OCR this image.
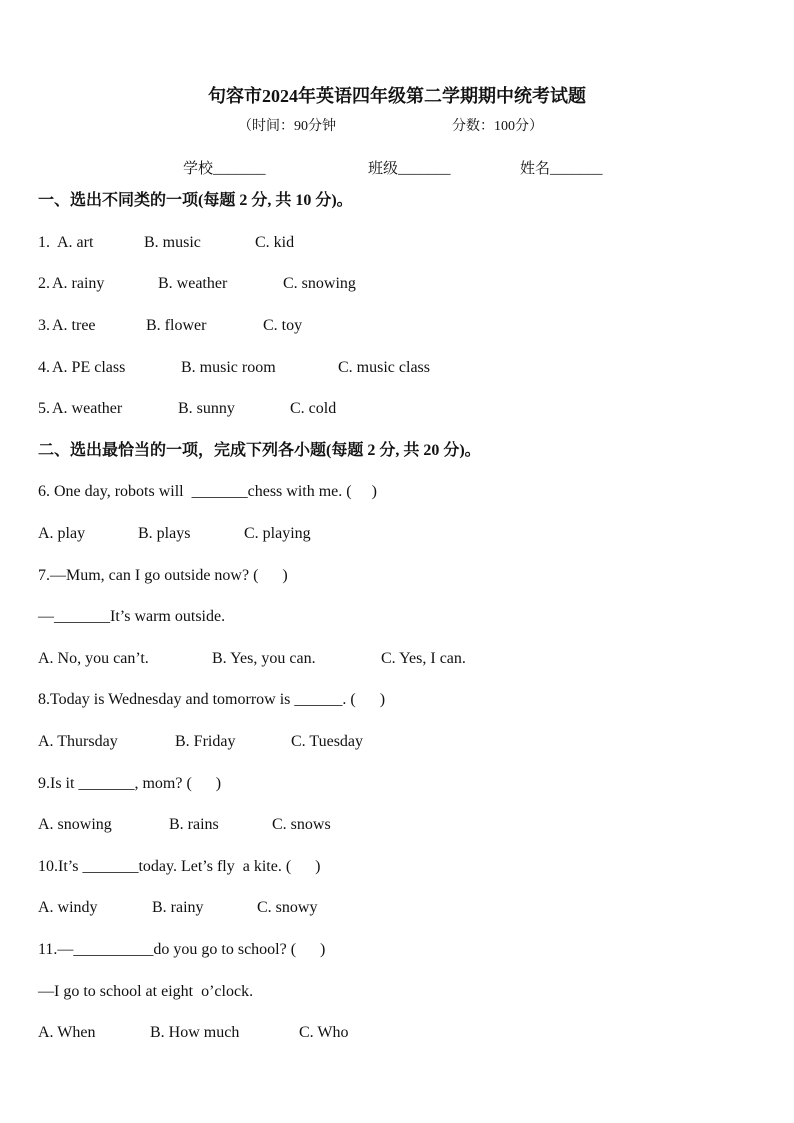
句容市2024年英语四年级第二学期期中统考试题
（时间：90分钟	分数：100分）
学校_______	班级_______	姓名_______
一、选出不同类的一项(每题 2 分, 共 10 分)。
1. A. art	B. music	C. kid
2. A. rainy	B. weather	C. snowing
3. A. tree	B. flower	C. toy
4. A. PE class	B. music room	C. music class
5. A. weather	B. sunny	C. cold
二、选出最恰当的一项，完成下列各小题(每题 2 分, 共 20 分)。
6. One day, robots will  _______chess with me. (     )
A. play	B. plays	C. playing
7.—Mum, can I go outside now? (      )
—_______It’s warm outside.
A. No, you can’t.	B. Yes, you can.	C. Yes, I can.
8.Today is Wednesday and tomorrow is ______. (      )
A. Thursday	B. Friday	C. Tuesday
9.Is it _______, mom? (      )
A. snowing	B. rains	C. snows
10.It’s _______today. Let’s fly  a kite. (      )
A. windy	B. rainy	C. snowy
11.—__________do you go to school? (      )
—I go to school at eight  o’clock.
A. When	B. How much	C. Who
